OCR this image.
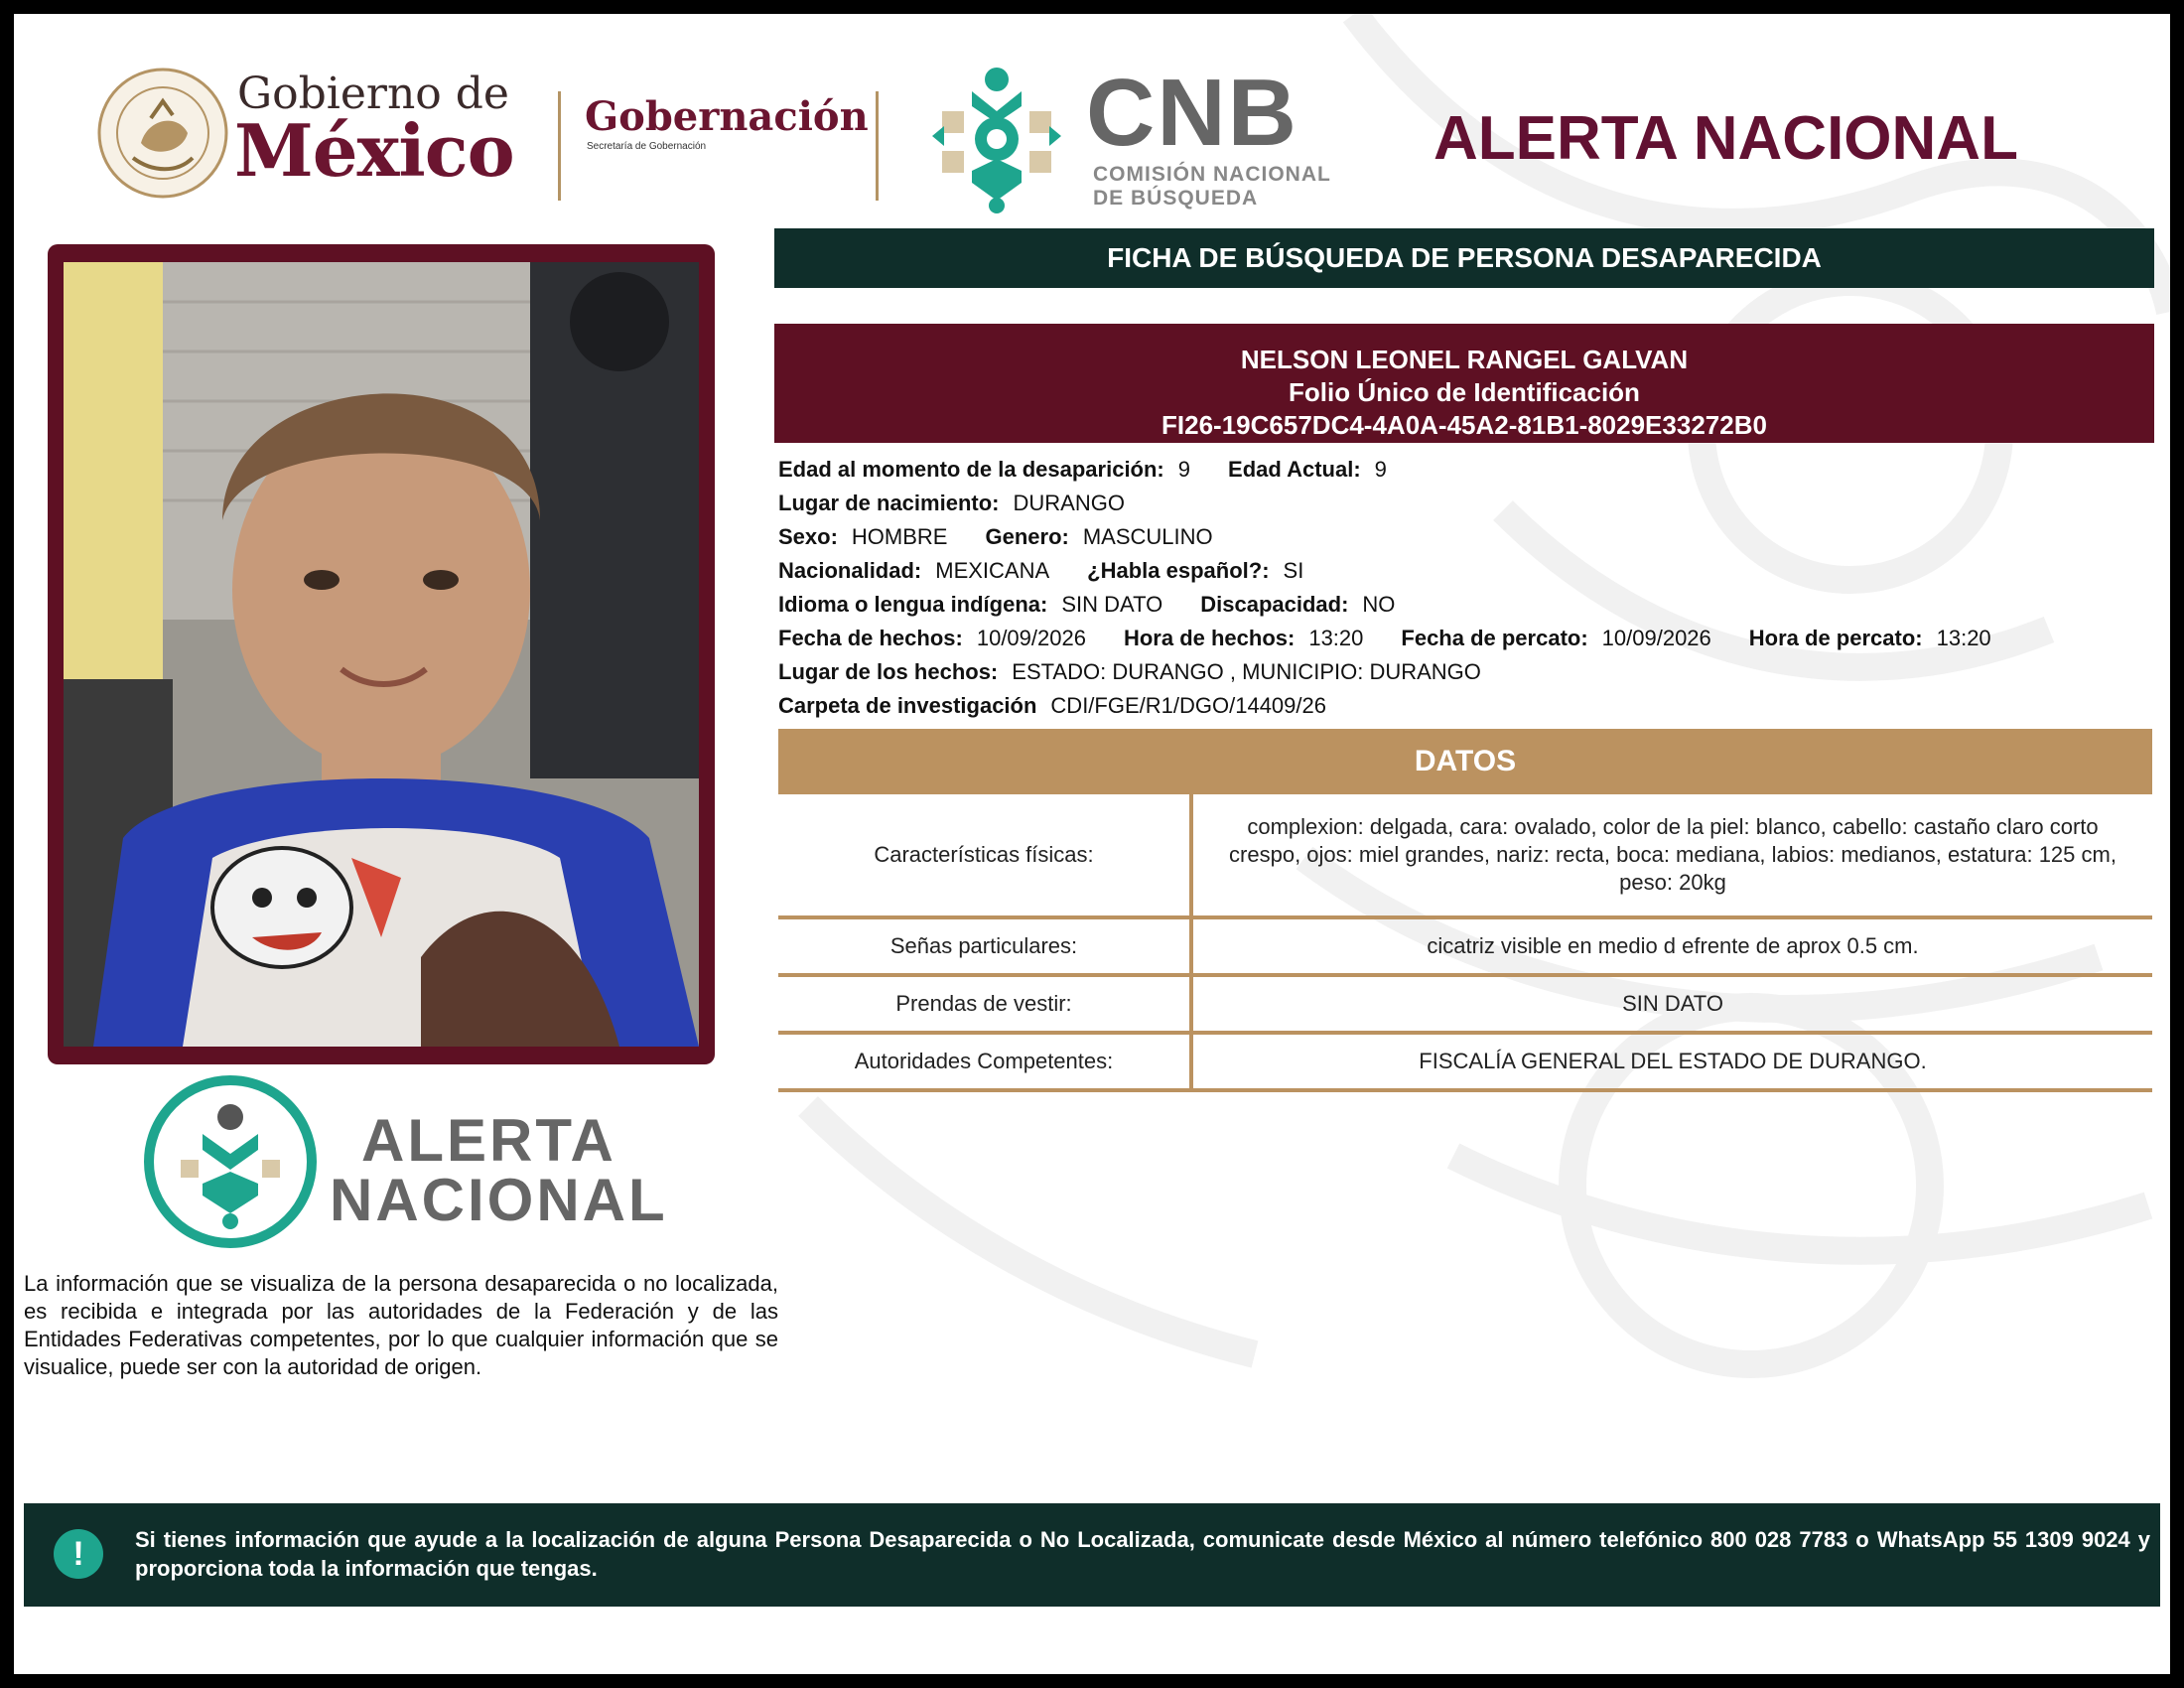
Gobierno de
México Gobernación
Secretaría de Gobernación	CNB
COMISIÓN NACIONAL
DE BÚSQUEDA
ALERTA NACIONAL
FICHA DE BÚSQUEDA DE PERSONA DESAPARECIDA
NELSON LEONEL RANGEL GALVAN
Folio Único de Identificación
FI26-19C657DC4-4A0A-45A2-81B1-8029E33272B0
Edad al momento de la desaparición: 9 Edad Actual: 9
Lugar de nacimiento: DURANGO
Sexo: HOMBRE Genero: MASCULINO
Nacionalidad: MEXICANA ¿Habla español?: SI
Idioma o lengua indígena: SIN DATO Discapacidad: NO
Fecha de hechos: 10/09/2026 Hora de hechos: 13:20 Fecha de percato: 10/09/2026 Hora de percato: 13:20
Lugar de los hechos: ESTADO: DURANGO , MUNICIPIO: DURANGO
Carpeta de investigación CDI/FGE/R1/DGO/14409/26
DATOS
Características físicas:
complexion: delgada, cara: ovalado, color de la piel: blanco, cabello: castaño claro corto crespo, ojos: miel grandes, nariz: recta, boca: mediana, labios: medianos, estatura: 125 cm, peso: 20kg
Señas particulares:	cicatriz visible en medio d efrente de aprox 0.5 cm.
Prendas de vestir:	SIN DATO
Autoridades Competentes:	FISCALÍA GENERAL DEL ESTADO DE DURANGO.
ALERTA
NACIONAL
La información que se visualiza de la persona desaparecida o no localizada, es recibida e integrada por las autoridades de la Federación y de las Entidades Federativas competentes, por lo que cualquier información que se visualice, puede ser con la autoridad de origen.
!	Si tienes información que ayude a la localización de alguna Persona Desaparecida o No Localizada, comunicate desde México al número telefónico 800 028 7783 o WhatsApp 55 1309 9024 y proporciona toda la información que tengas.
